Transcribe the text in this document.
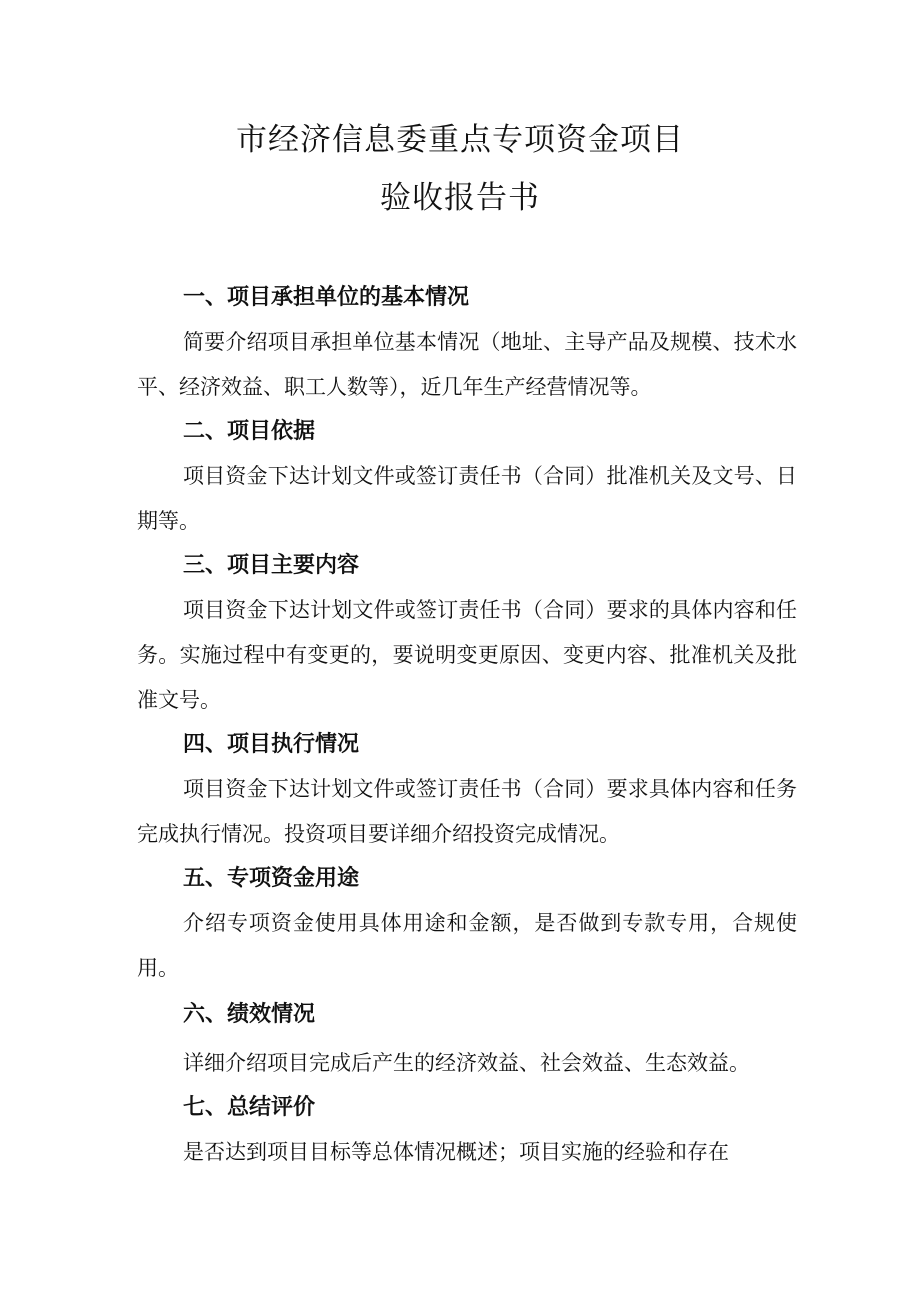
市经济信息委重点专项资金项目
验收报告书
一、项目承担单位的基本情况

简要介绍项目承担单位基本情况（地址、主导产品及规模、技术水平、经济效益、职工人数等），近几年生产经营情况等。

二、项目依据

项目资金下达计划文件或签订责任书（合同）批准机关及文号、日期等。

三、项目主要内容

项目资金下达计划文件或签订责任书（合同）要求的具体内容和任务。实施过程中有变更的，要说明变更原因、变更内容、批准机关及批准文号。

四、项目执行情况

项目资金下达计划文件或签订责任书（合同）要求具体内容和任务完成执行情况。投资项目要详细介绍投资完成情况。

五、专项资金用途

介绍专项资金使用具体用途和金额，是否做到专款专用，合规使用。

六、绩效情况

详细介绍项目完成后产生的经济效益、社会效益、生态效益。

七、总结评价

是否达到项目目标等总体情况概述；项目实施的经验和存在
